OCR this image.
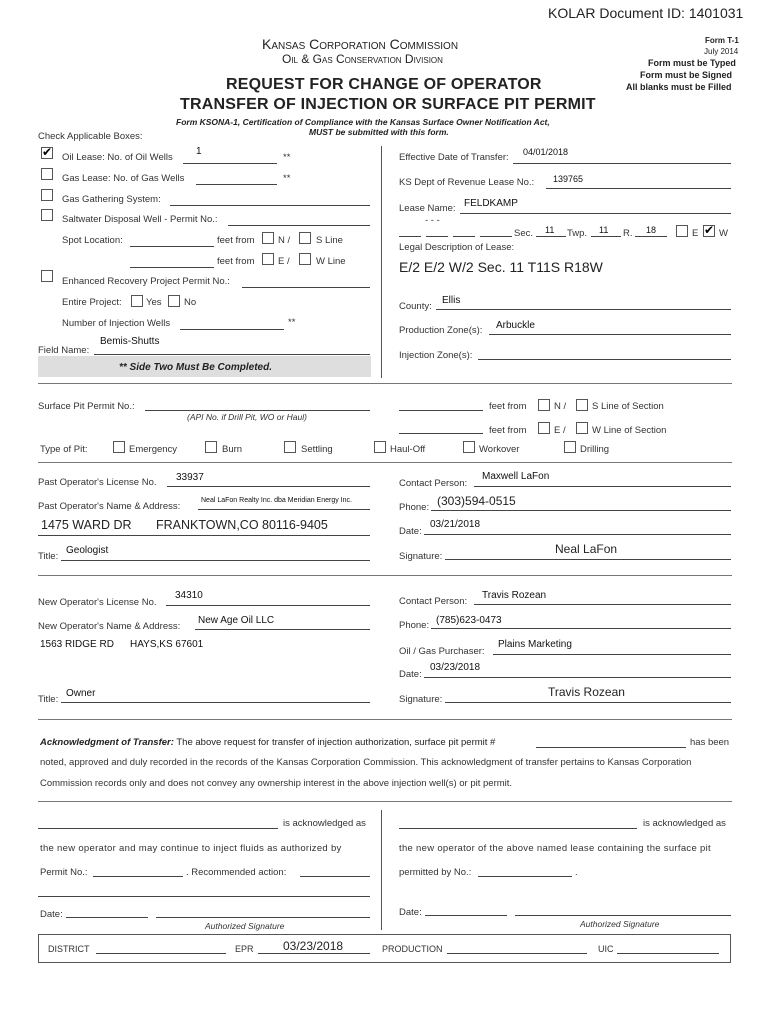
KOLAR Document ID: 1401031
Kansas Corporation Commission
Oil & Gas Conservation Division
REQUEST FOR CHANGE OF OPERATOR
TRANSFER OF INJECTION OR SURFACE PIT PERMIT
Form T-1
July 2014
Form must be Typed
Form must be Signed
All blanks must be Filled
Form KSONA-1, Certification of Compliance with the Kansas Surface Owner Notification Act,
MUST be submitted with this form.
Check Applicable Boxes:
✔
Oil Lease: No. of Oil Wells
1
**
Gas Lease: No. of Gas Wells	**
Gas Gathering System:
Saltwater Disposal Well - Permit No.:
Spot Location:	feet from N /	S Line
feet from E /	W Line
Enhanced Recovery Project Permit No.:
Entire Project:	Yes No
Number of Injection Wells	**
Field Name:
Bemis-Shutts
** Side Two Must Be Completed.
Effective Date of Transfer: 04/01/2018
KS Dept of Revenue Lease No.: 139765
Lease Name: FELDKAMP
- - -
Sec. 11 Twp. 11 R. 18	E
✔ W
Legal Description of Lease:
E/2 E/2 W/2 Sec. 11 T11S R18W
County:
Ellis
Production Zone(s): Arbuckle
Injection Zone(s):
Surface Pit Permit No.:
(API No. if Drill Pit, WO or Haul)
feet from	N /	S Line of Section
feet from	E /	W Line of Section
Type of Pit:	Emergency	Burn	Settling	Haul-Off	Workover	Drilling
Past Operator's License No. 33937
Past Operator's Name & Address:
Neal LaFon Realty Inc. dba Meridian Energy Inc.
1475 WARD DR FRANKTOWN,CO 80116-9405
Title:
Geologist
Contact Person:
Maxwell LaFon
Phone: (303)594-0515
Date:
03/21/2018
Signature:
Neal LaFon
New Operator's License No.
34310
New Operator's Name & Address:
New Age Oil LLC
1563 RIDGE RD HAYS,KS 67601
Title:
Owner
Contact Person:
Travis Rozean
Phone: (785)623-0473
Oil / Gas Purchaser:
Plains Marketing
Date:
03/23/2018
Signature:
Travis Rozean
Acknowledgment of Transfer: The above request for transfer of injection authorization, surface pit permit #	has been
noted, approved and duly recorded in the records of the Kansas Corporation Commission. This acknowledgment of transfer pertains to Kansas Corporation
Commission records only and does not convey any ownership interest in the above injection well(s) or pit permit.
is acknowledged as
the new operator and may continue to inject fluids as authorized by
Permit No.:	. Recommended action:
is acknowledged as
the new operator of the above named lease containing the surface pit
permitted by No.:	.
Date:
Authorized Signature
Date:
Authorized Signature
DISTRICT	EPR 03/23/2018	PRODUCTION	UIC
